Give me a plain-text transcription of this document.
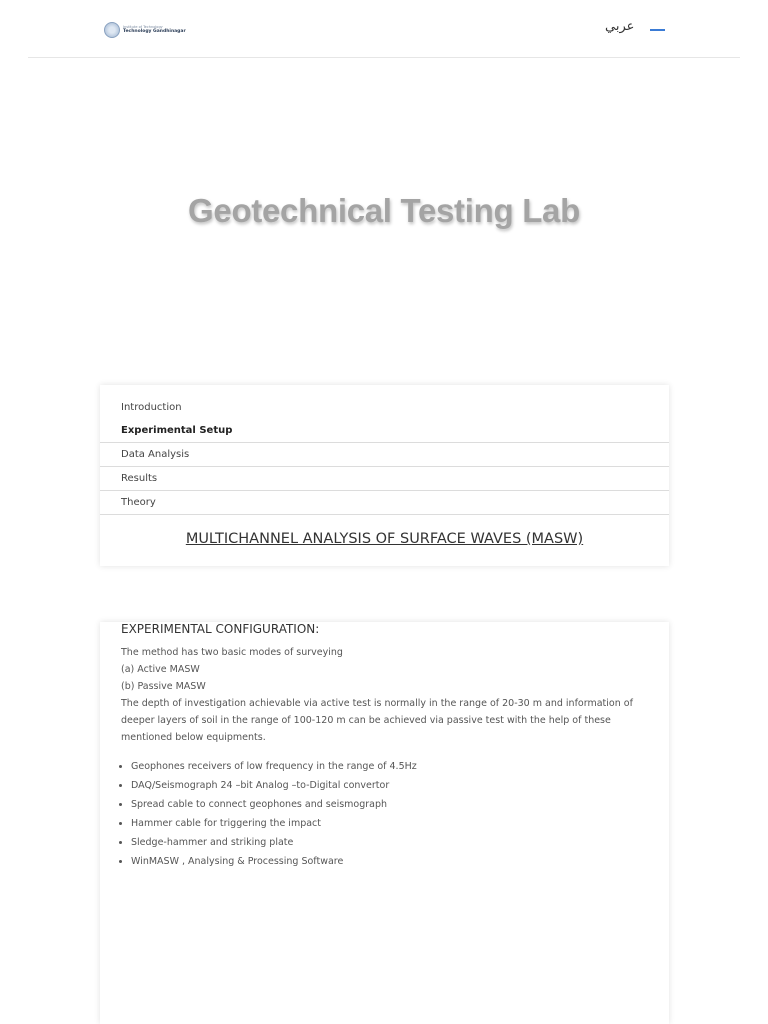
Institute of Technology
Technology Gandhinagar	عربي
Geotechnical Testing Lab
Introduction
Experimental Setup
Data Analysis
Results
Theory
MULTICHANNEL ANALYSIS OF SURFACE WAVES (MASW)
EXPERIMENTAL CONFIGURATION:

The method has two basic modes of surveying

(a) Active MASW

(b) Passive MASW

The depth of investigation achievable via active test is normally in the range of 20-30 m and information of deeper layers of soil in the range of 100-120 m can be achieved via passive test with the help of these mentioned below equipments.

• Geophones receivers of low frequency in the range of 4.5Hz
• DAQ/Seismograph 24 –bit Analog –to-Digital convertor
• Spread cable to connect geophones and seismograph
• Hammer cable for triggering the impact
• Sledge-hammer and striking plate
• WinMASW , Analysing & Processing Software
